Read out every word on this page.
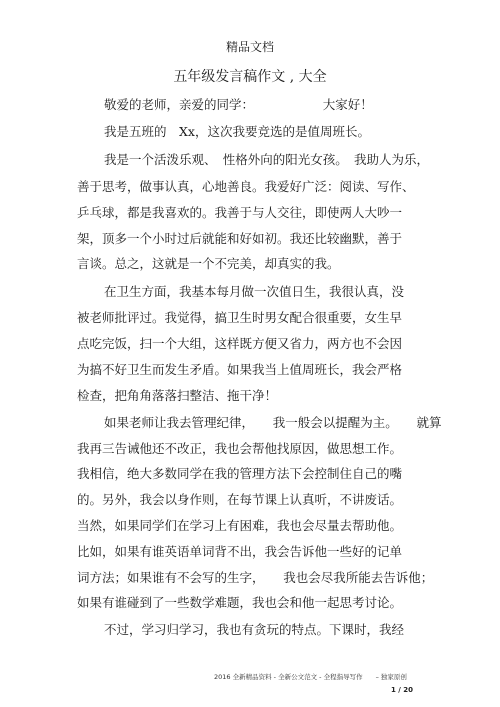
精品文档
五年级发言稿作文 , 大全
敬爱的老师，亲爱的同学：　　　　　　大家好！
我是五班的　Xx，这次我要竞选的是值周班长。
我是一个活泼乐观、　性格外向的阳光女孩。　我助人为乐，
善于思考，做事认真，心地善良。我爱好广泛：阅读、写作、
乒乓球，都是我喜欢的。我善于与人交往，即使两人大吵一
架，顶多一个小时过后就能和好如初。我还比较幽默，善于
言谈。总之，这就是一个不完美，却真实的我。
在卫生方面，我基本每月做一次值日生，我很认真，没
被老师批评过。我觉得，搞卫生时男女配合很重要，女生早
点吃完饭，扫一个大组，这样既方便又省力，两方也不会因
为搞不好卫生而发生矛盾。如果我当上值周班长，我会严格
检查，把角角落落扫整洁、拖干净！
如果老师让我去管理纪律，　　我一般会以提醒为主。　　就算
我再三告诫他还不改正，我也会帮他找原因，做思想工作。
我相信，绝大多数同学在我的管理方法下会控制住自己的嘴
的。另外，我会以身作则，在每节课上认真听，不讲废话。
当然，如果同学们在学习上有困难，我也会尽量去帮助他。
比如，如果有谁英语单词背不出，我会告诉他一些好的记单
词方法；如果谁有不会写的生字，　　我也会尽我所能去告诉他；
如果有谁碰到了一些数学难题，我也会和他一起思考讨论。
不过，学习归学习，我也有贪玩的特点。下课时，我经
2016 全新精品资料 - 全新公文范文 - 全程指导写作　　– 独家原创
1 / 20
